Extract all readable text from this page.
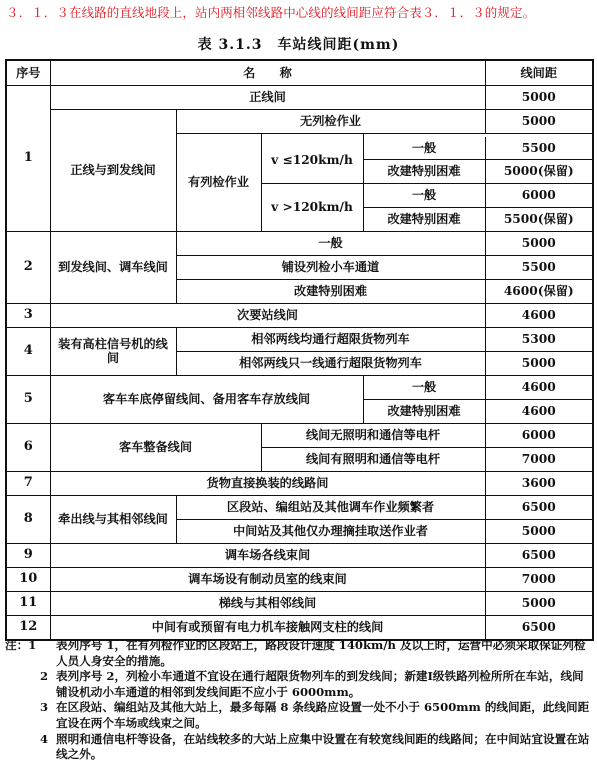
３．１．３在线路的直线地段上，站内两相邻线路中心线的线间距应符合表３．１．３的规定。
表 3.1.3　车站线间距(mm)
序号	名　　称				线间距
1	正线间				5000
	正线与到发线间	无列检作业			5000
		有列检作业			
			v ≤120km/h	一般	5500
				改建特别困难	5000(保留)
			v >120km/h	一般	6000
				改建特别困难	5500(保留)
2	到发线间、调车线间	一般			5000
		铺设列检小车通道			5500
		改建特别困难			4600(保留)
3	次要站线间				4600
4	装有高柱信号机的线间	相邻两线均通行超限货物列车			5300
		相邻两线只一线通行超限货物列车			5000
5	客车车底停留线间、备用客车存放线间			一般	4600
				改建特别困难	4600
6	客车整备线间		线间无照明和通信等电杆		6000
			线间有照明和通信等电杆		7000
7	货物直接换装的线路间				3600
8	牵出线与其相邻线间	区段站、编组站及其他调车作业频繁者			6500
		中间站及其他仅办理摘挂取送作业者			5000
9	调车场各线束间				6500
10	调车场设有制动员室的线束间				7000
11	梯线与其相邻线间				5000
12	中间有或预留有电力机车接触网支柱的线间				6500
注：1 表列序号 1，在有列检作业的区段站上，路段设计速度 140km/h 及以上时，运营中必须采取保证列检人员人身安全的措施。
2 表列序号 2，列检小车通道不宜设在通行超限货物列车的到发线间；新建Ⅰ级铁路列检所所在车站，线间铺设机动小车通道的相邻到发线间距不应小于 6000mm。
3 在区段站、编组站及其他大站上，最多每隔 8 条线路应设置一处不小于 6500mm 的线间距，此线间距宜设在两个车场或线束之间。
4 照明和通信电杆等设备，在站线较多的大站上应集中设置在有较宽线间距的线路间；在中间站宜设置在站线之外。
